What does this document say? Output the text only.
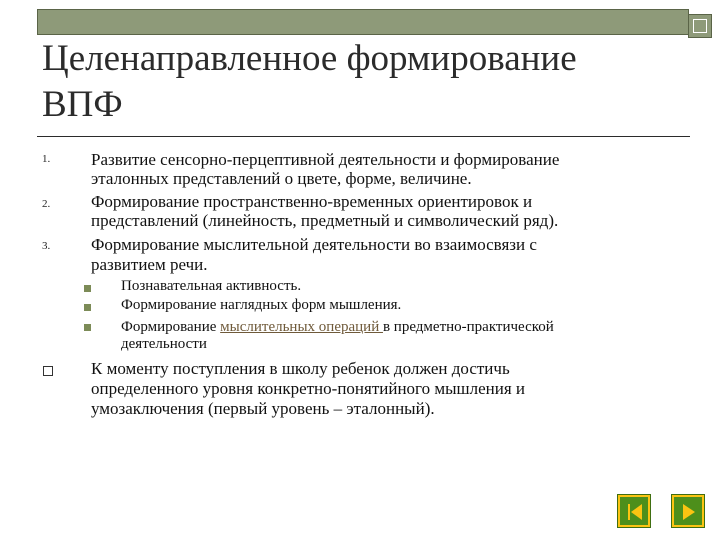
Целенаправленное формирование
ВПФ
1. Развитие сенсорно-перцептивной деятельности и формирование
эталонных представлений о цвете, форме, величине.
2. Формирование пространственно-временных ориентировок и
представлений (линейность, предметный и символический ряд).
3. Формирование мыслительной деятельности во взаимосвязи с
развитием речи.
Познавательная активность.
Формирование наглядных форм мышления.
Формирование мыслительных операций в предметно-практической
деятельности
К моменту поступления в школу ребенок должен достичь
определенного уровня конкретно-понятийного мышления и
умозаключения (первый уровень – эталонный).
